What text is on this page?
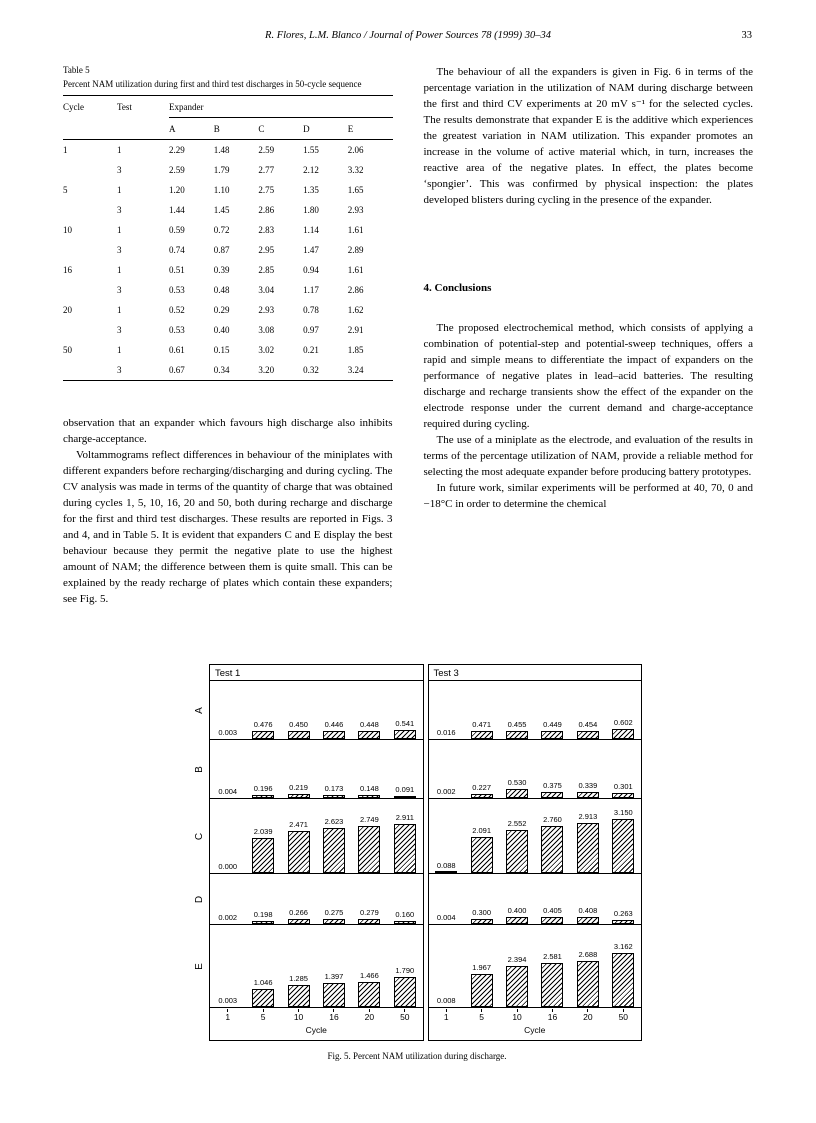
R. Flores, L.M. Blanco / Journal of Power Sources 78 (1999) 30–34	33
Table 5
Percent NAM utilization during first and third test discharges in 50-cycle sequence
Cycle	Test	Expander				
		A	B	C	D	E
1	1	2.29	1.48	2.59	1.55	2.06
	3	2.59	1.79	2.77	2.12	3.32
5	1	1.20	1.10	2.75	1.35	1.65
	3	1.44	1.45	2.86	1.80	2.93
10	1	0.59	0.72	2.83	1.14	1.61
	3	0.74	0.87	2.95	1.47	2.89
16	1	0.51	0.39	2.85	0.94	1.61
	3	0.53	0.48	3.04	1.17	2.86
20	1	0.52	0.29	2.93	0.78	1.62
	3	0.53	0.40	3.08	0.97	2.91
50	1	0.61	0.15	3.02	0.21	1.85
	3	0.67	0.34	3.20	0.32	3.24

observation that an expander which favours high discharge also inhibits charge-acceptance.

Voltammograms reflect differences in behaviour of the miniplates with different expanders before recharging/discharging and during cycling. The CV analysis was made in terms of the quantity of charge that was obtained during cycles 1, 5, 10, 16, 20 and 50, both during recharge and discharge for the first and third test discharges. These results are reported in Figs. 3 and 4, and in Table 5. It is evident that expanders C and E display the best behaviour because they permit the negative plate to use the highest amount of NAM; the difference between them is quite small. This can be explained by the ready recharge of plates which contain these expanders; see Fig. 5.

The behaviour of all the expanders is given in Fig. 6 in terms of the percentage variation in the utilization of NAM during discharge between the first and third CV experiments at 20 mV s⁻¹ for the selected cycles. The results demonstrate that expander E is the additive which experiences the greatest variation in NAM utilization. This expander promotes an increase in the volume of active material which, in turn, increases the reactive area of the negative plates. In effect, the plates become ‘spongier’. This was confirmed by physical inspection: the plates developed blisters during cycling in the presence of the expander.

4. Conclusions

The proposed electrochemical method, which consists of applying a combination of potential-step and potential-sweep techniques, offers a rapid and simple means to differentiate the impact of expanders on the performance of negative plates in lead–acid batteries. The resulting discharge and recharge transients show the effect of the expander on the electrode response under the current demand and charge-acceptance required during cycling.

The use of a miniplate as the electrode, and evaluation of the results in terms of the percentage utilization of NAM, provide a reliable method for selecting the most adequate expander before producing battery prototypes.

In future work, similar experiments will be performed at 40, 70, 0 and −18°C in order to determine the chemical

A
B
C
D
E
Test 1
0.003
0.476 0.450 0.446 0.448 0.541
0.004 0.196 0.219 0.173 0.148 0.091
0.000
2.039
2.471 2.623 2.749 2.911
0.002 0.198 0.266 0.275 0.279 0.160
0.003
1.046 1.285 1.397 1.466
1.790
1	5	10	16	20	50
Cycle
Test 3
0.016
0.471 0.455 0.449 0.454 0.602
0.002 0.227
0.530 0.375 0.339 0.301
0.088
2.091
2.552 2.760 2.913 3.150
0.004
0.300 0.400 0.405 0.408 0.263
0.008
1.967
2.394 2.581 2.688
3.162
1	5	10	16	20	50
Cycle
Fig. 5. Percent NAM utilization during discharge.
